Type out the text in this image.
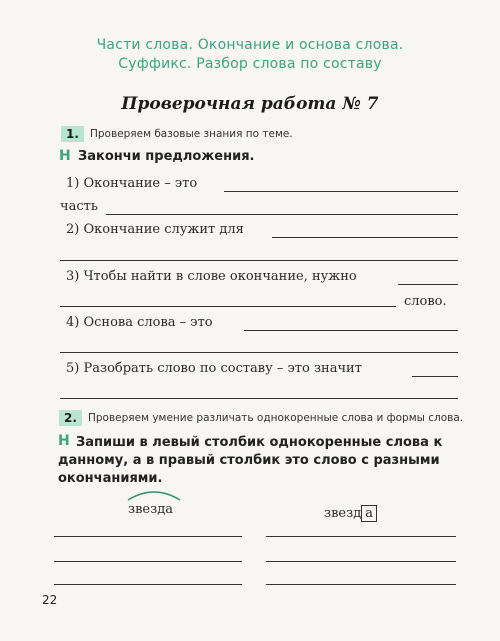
Части слова. Окончание и основа слова.
Суффикс. Разбор слова по составу
Проверочная работа № 7
1.	Проверяем базовые знания по теме.
Н Закончи предложения.
1) Окончание – это
часть
2) Окончание служит для
3) Чтобы найти в слове окончание, нужно
слово.
4) Основа слова – это
5) Разобрать слово по составу – это значит
2.	Проверяем умение различать однокоренные слова и формы слова.
Н Запиши в левый столбик однокоренные слова к
данному, а в правый столбик это слово с разными
окончаниями.
звезда	звезд а
22
